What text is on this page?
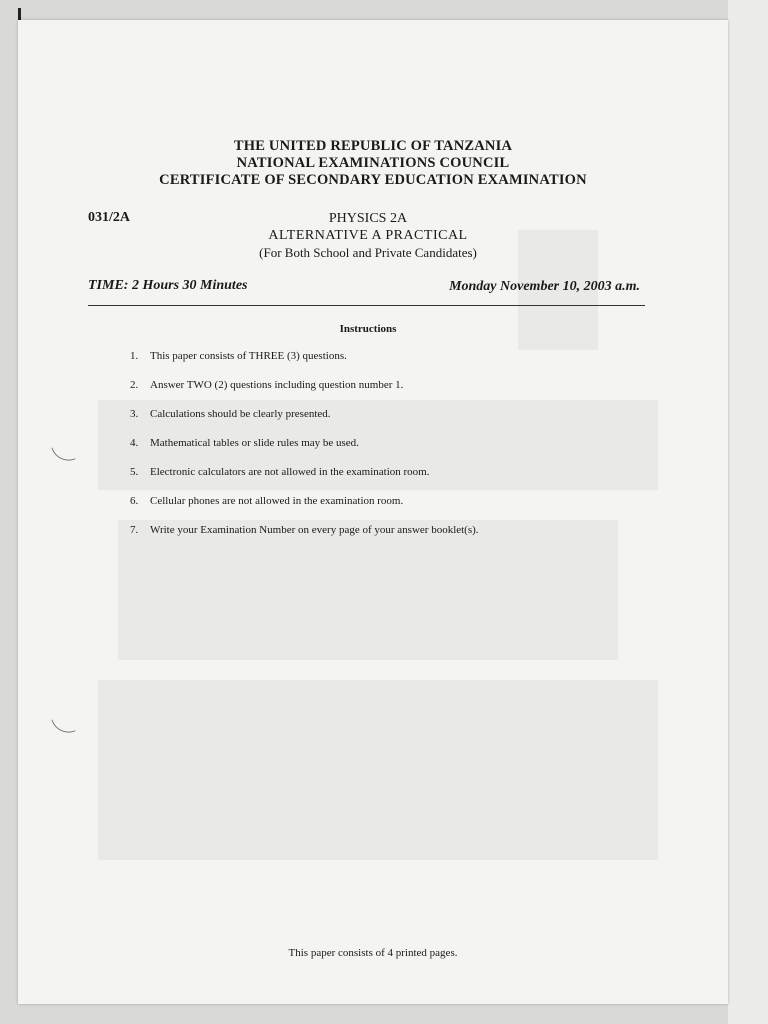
THE UNITED REPUBLIC OF TANZANIA
NATIONAL EXAMINATIONS COUNCIL
CERTIFICATE OF SECONDARY EDUCATION EXAMINATION
031/2A	PHYSICS 2A
ALTERNATIVE A PRACTICAL
(For Both School and Private Candidates)
TIME: 2 Hours 30 Minutes	Monday November 10, 2003 a.m.
Instructions
1. This paper consists of THREE (3) questions.
2. Answer TWO (2) questions including question number 1.
3. Calculations should be clearly presented.
4. Mathematical tables or slide rules may be used.
5. Electronic calculators are not allowed in the examination room.
6. Cellular phones are not allowed in the examination room.
7. Write your Examination Number on every page of your answer booklet(s).
This paper consists of 4 printed pages.
